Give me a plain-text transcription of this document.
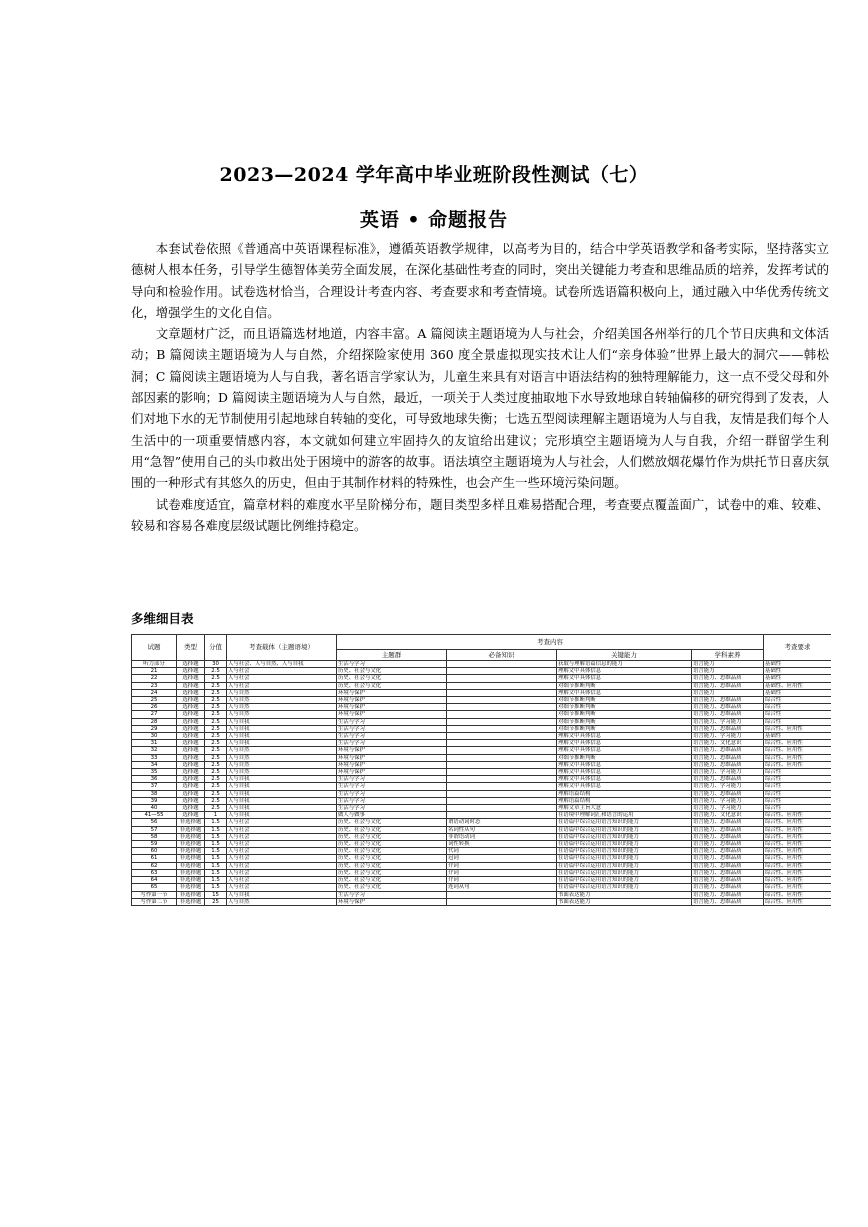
2023—2024 学年高中毕业班阶段性测试（七）
英语 • 命题报告

本套试卷依照《普通高中英语课程标准》，遵循英语教学规律，以高考为目的，结合中学英语教学和备考实际，坚持落实立德树人根本任务，引导学生德智体美劳全面发展，在深化基础性考查的同时，突出关键能力考查和思维品质的培养，发挥考试的导向和检验作用。试卷选材恰当，合理设计考查内容、考查要求和考查情境。试卷所选语篇积极向上，通过融入中华优秀传统文化，增强学生的文化自信。

文章题材广泛，而且语篇选材地道，内容丰富。A 篇阅读主题语境为人与社会，介绍美国各州举行的几个节日庆典和文体活动；B 篇阅读主题语境为人与自然，介绍探险家使用 360 度全景虚拟现实技术让人们“亲身体验”世界上最大的洞穴——韩松洞；C 篇阅读主题语境为人与自我，著名语言学家认为，儿童生来具有对语言中语法结构的独特理解能力，这一点不受父母和外部因素的影响；D 篇阅读主题语境为人与自然，最近，一项关于人类过度抽取地下水导致地球自转轴偏移的研究得到了发表，人们对地下水的无节制使用引起地球自转轴的变化，可导致地球失衡；七选五型阅读理解主题语境为人与自我，友情是我们每个人生活中的一项重要情感内容，本文就如何建立牢固持久的友谊给出建议；完形填空主题语境为人与自我，介绍一群留学生利用“急智”使用自己的头巾救出处于困境中的游客的故事。语法填空主题语境为人与社会，人们燃放烟花爆竹作为烘托节日喜庆氛围的一种形式有其悠久的历史，但由于其制作材料的特殊性，也会产生一些环境污染问题。

试卷难度适宜，篇章材料的难度水平呈阶梯分布，题目类型多样且难易搭配合理，考查要点覆盖面广，试卷中的难、较难、较易和容易各难度层级试题比例维持稳定。

多维细目表
试题	类型	分值	考查载体（主题语境）	考查内容				考查要求
				主题群	必备知识	关键能力	学科素养	
听力部分	选择题	30	人与社会、人与自然、人与自我	生活与学习		获取与理解语篇信息的能力	语言能力	基础性
21	选择题	2.5	人与社会	历史、社会与文化		理解文中具体信息	语言能力	基础性
22	选择题	2.5	人与社会	历史、社会与文化		理解文中具体信息	语言能力、思维品质	基础性
23	选择题	2.5	人与社会	历史、社会与文化		对细节推断判断	语言能力、思维品质	基础性、应用性
24	选择题	2.5	人与自然	环境与保护		理解文中具体信息	语言能力	基础性
25	选择题	2.5	人与自然	环境与保护		对细节推断判断	语言能力、思维品质	综合性
26	选择题	2.5	人与自然	环境与保护		对细节推断判断	语言能力、思维品质	综合性
27	选择题	2.5	人与自然	环境与保护		对细节推断判断	语言能力、思维品质	综合性
28	选择题	2.5	人与自我	生活与学习		对细节推断判断	语言能力、学习能力	综合性
29	选择题	2.5	人与自我	生活与学习		对细节推断判断	语言能力、思维品质	综合性、应用性
30	选择题	2.5	人与自我	生活与学习		理解文中具体信息	语言能力、学习能力	基础性
31	选择题	2.5	人与自我	生活与学习		理解文中具体信息	语言能力、文化意识	综合性、应用性
32	选择题	2.5	人与自然	环境与保护		理解文中具体信息	语言能力、思维品质	综合性、应用性
33	选择题	2.5	人与自然	环境与保护		对细节推断判断	语言能力、思维品质	综合性、应用性
34	选择题	2.5	人与自然	环境与保护		理解文中具体信息	语言能力、思维品质	综合性、应用性
35	选择题	2.5	人与自然	环境与保护		理解文中具体信息	语言能力、学习能力	综合性
36	选择题	2.5	人与自我	生活与学习		理解文中具体信息	语言能力、思维品质	综合性
37	选择题	2.5	人与自我	生活与学习		理解文中具体信息	语言能力、学习能力	综合性
38	选择题	2.5	人与自我	生活与学习		理解语篇结构	语言能力、思维品质	综合性
39	选择题	2.5	人与自我	生活与学习		理解语篇结构	语言能力、学习能力	综合性
40	选择题	2.5	人与自我	生活与学习		理解文章主旨大意	语言能力、学习能力	综合性
41—55	选择题	1	人与自我	做人与做事		在语境中理解词汇和语言的运用	语言能力、文化意识	综合性、应用性
56	非选择题	1.5	人与社会	历史、社会与文化	谓语动词时态	在语篇中综合运用语言知识的能力	语言能力、思维品质	综合性、应用性
57	非选择题	1.5	人与社会	历史、社会与文化	名词性从句	在语篇中综合运用语言知识的能力	语言能力、思维品质	综合性、应用性
58	非选择题	1.5	人与社会	历史、社会与文化	非谓语动词	在语篇中综合运用语言知识的能力	语言能力、思维品质	综合性、应用性
59	非选择题	1.5	人与社会	历史、社会与文化	词性转换	在语篇中综合运用语言知识的能力	语言能力、思维品质	综合性、应用性
60	非选择题	1.5	人与社会	历史、社会与文化	代词	在语篇中综合运用语言知识的能力	语言能力、思维品质	综合性、应用性
61	非选择题	1.5	人与社会	历史、社会与文化	冠词	在语篇中综合运用语言知识的能力	语言能力、思维品质	综合性、应用性
62	非选择题	1.5	人与社会	历史、社会与文化	介词	在语篇中综合运用语言知识的能力	语言能力、思维品质	综合性、应用性
63	非选择题	1.5	人与社会	历史、社会与文化	介词	在语篇中综合运用语言知识的能力	语言能力、思维品质	综合性、应用性
64	非选择题	1.5	人与社会	历史、社会与文化	介词	在语篇中综合运用语言知识的能力	语言能力、思维品质	综合性、应用性
65	非选择题	1.5	人与社会	历史、社会与文化	连词从句	在语篇中综合运用语言知识的能力	语言能力、思维品质	综合性、应用性
写作第一节	非选择题	15	人与自我	生活与学习		书面表达能力	语言能力、思维品质	综合性、应用性
写作第二节	非选择题	25	人与自然	环境与保护		书面表达能力	语言能力、思维品质	综合性、应用性
